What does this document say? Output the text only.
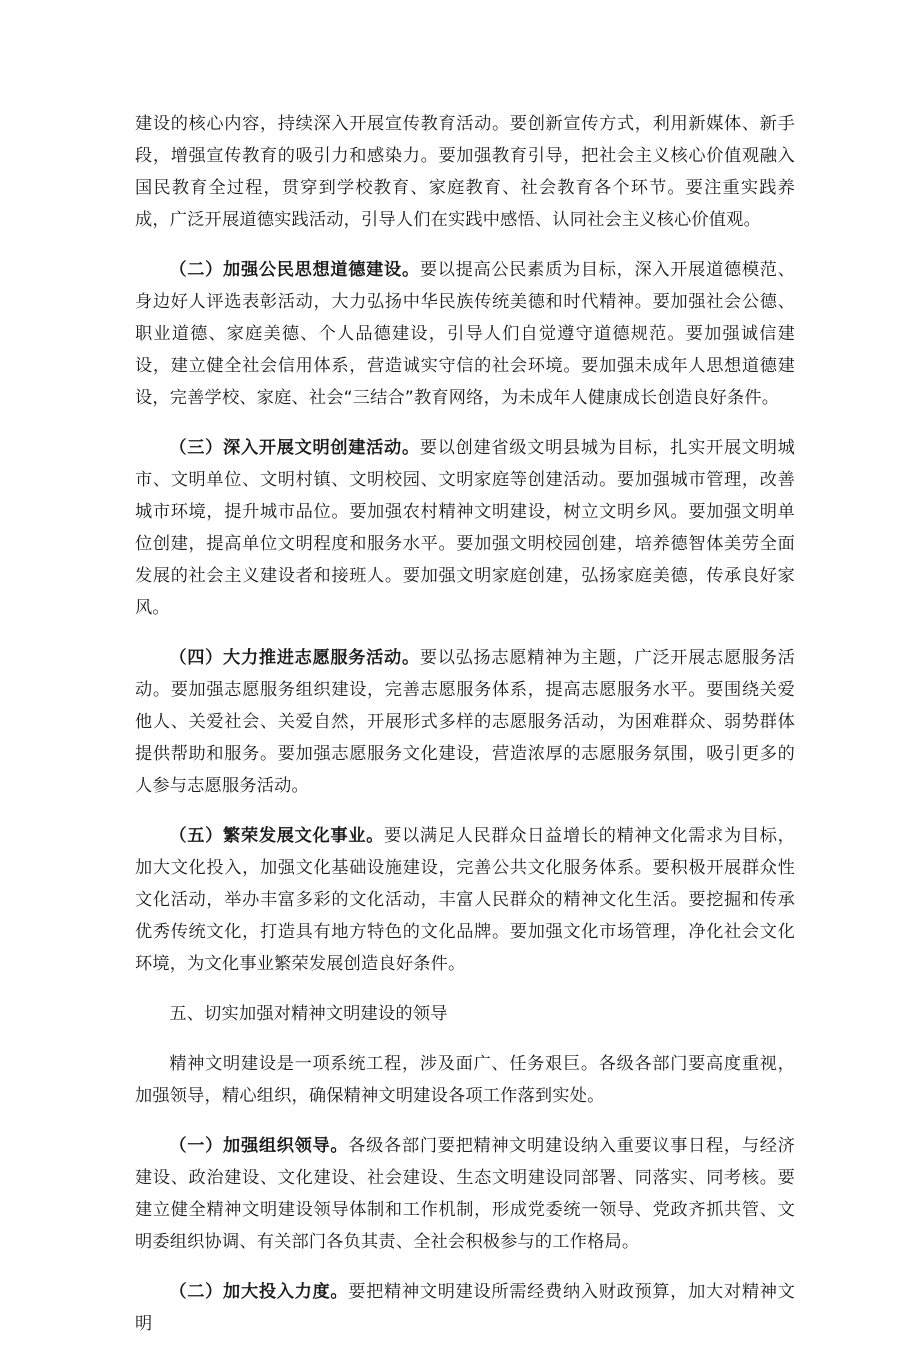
建设的核心内容，持续深入开展宣传教育活动。要创新宣传方式，利用新媒体、新手段，增强宣传教育的吸引力和感染力。要加强教育引导，把社会主义核心价值观融入国民教育全过程，贯穿到学校教育、家庭教育、社会教育各个环节。要注重实践养成，广泛开展道德实践活动，引导人们在实践中感悟、认同社会主义核心价值观。

（二）加强公民思想道德建设。要以提高公民素质为目标，深入开展道德模范、身边好人评选表彰活动，大力弘扬中华民族传统美德和时代精神。要加强社会公德、职业道德、家庭美德、个人品德建设，引导人们自觉遵守道德规范。要加强诚信建设，建立健全社会信用体系，营造诚实守信的社会环境。要加强未成年人思想道德建设，完善学校、家庭、社会“三结合”教育网络，为未成年人健康成长创造良好条件。

（三）深入开展文明创建活动。要以创建省级文明县城为目标，扎实开展文明城市、文明单位、文明村镇、文明校园、文明家庭等创建活动。要加强城市管理，改善城市环境，提升城市品位。要加强农村精神文明建设，树立文明乡风。要加强文明单位创建，提高单位文明程度和服务水平。要加强文明校园创建，培养德智体美劳全面发展的社会主义建设者和接班人。要加强文明家庭创建，弘扬家庭美德，传承良好家风。

（四）大力推进志愿服务活动。要以弘扬志愿精神为主题，广泛开展志愿服务活动。要加强志愿服务组织建设，完善志愿服务体系，提高志愿服务水平。要围绕关爱他人、关爱社会、关爱自然，开展形式多样的志愿服务活动，为困难群众、弱势群体提供帮助和服务。要加强志愿服务文化建设，营造浓厚的志愿服务氛围，吸引更多的人参与志愿服务活动。

（五）繁荣发展文化事业。要以满足人民群众日益增长的精神文化需求为目标，加大文化投入，加强文化基础设施建设，完善公共文化服务体系。要积极开展群众性文化活动，举办丰富多彩的文化活动，丰富人民群众的精神文化生活。要挖掘和传承优秀传统文化，打造具有地方特色的文化品牌。要加强文化市场管理，净化社会文化环境，为文化事业繁荣发展创造良好条件。

五、切实加强对精神文明建设的领导

精神文明建设是一项系统工程，涉及面广、任务艰巨。各级各部门要高度重视，加强领导，精心组织，确保精神文明建设各项工作落到实处。

（一）加强组织领导。各级各部门要把精神文明建设纳入重要议事日程，与经济建设、政治建设、文化建设、社会建设、生态文明建设同部署、同落实、同考核。要建立健全精神文明建设领导体制和工作机制，形成党委统一领导、党政齐抓共管、文明委组织协调、有关部门各负其责、全社会积极参与的工作格局。

（二）加大投入力度。要把精神文明建设所需经费纳入财政预算，加大对精神文明
